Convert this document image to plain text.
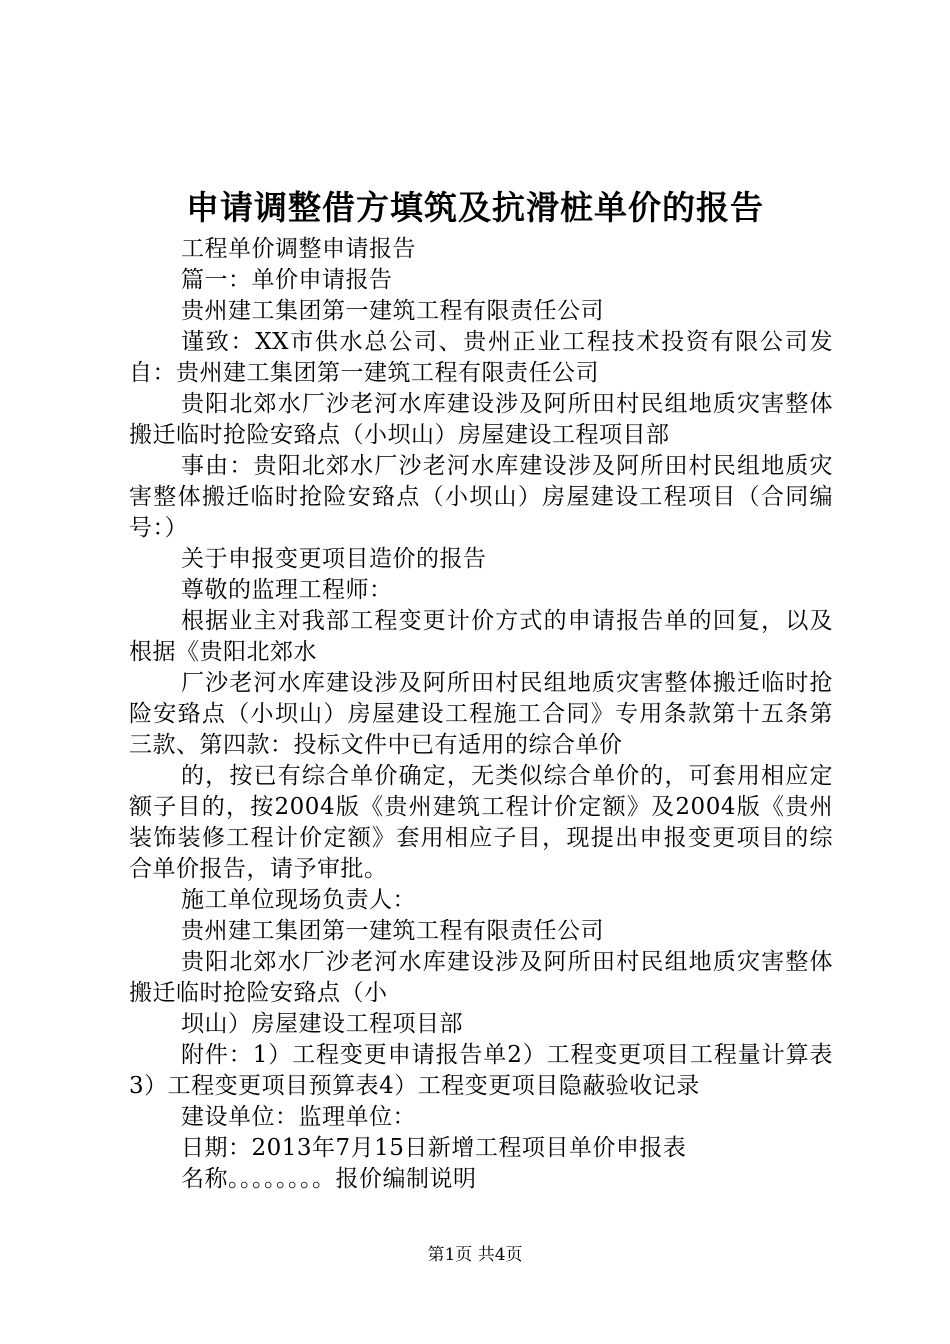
申请调整借方填筑及抗滑桩单价的报告

工程单价调整申请报告

篇一：单价申请报告

贵州建工集团第一建筑工程有限责任公司

谨致：XX市供水总公司、贵州正业工程技术投资有限公司发自：贵州建工集团第一建筑工程有限责任公司

贵阳北郊水厂沙老河水库建设涉及阿所田村民组地质灾害整体搬迁临时抢险安臵点（小坝山）房屋建设工程项目部

事由：贵阳北郊水厂沙老河水库建设涉及阿所田村民组地质灾害整体搬迁临时抢险安臵点（小坝山）房屋建设工程项目（合同编号：）

关于申报变更项目造价的报告

尊敬的监理工程师：

根据业主对我部工程变更计价方式的申请报告单的回复，以及根据《贵阳北郊水

厂沙老河水库建设涉及阿所田村民组地质灾害整体搬迁临时抢险安臵点（小坝山）房屋建设工程施工合同》专用条款第十五条第三款、第四款：投标文件中已有适用的综合单价

的，按已有综合单价确定，无类似综合单价的，可套用相应定额子目的，按2004版《贵州建筑工程计价定额》及2004版《贵州装饰装修工程计价定额》套用相应子目，现提出申报变更项目的综合单价报告，请予审批。

施工单位现场负责人：

贵州建工集团第一建筑工程有限责任公司

贵阳北郊水厂沙老河水库建设涉及阿所田村民组地质灾害整体搬迁临时抢险安臵点（小

坝山）房屋建设工程项目部

附件：1）工程变更申请报告单2）工程变更项目工程量计算表3）工程变更项目预算表4）工程变更项目隐蔽验收记录

建设单位：监理单位：

日期：2013年7月15日新增工程项目单价申报表

名称。。。。。。。。报价编制说明

第1页 共4页
